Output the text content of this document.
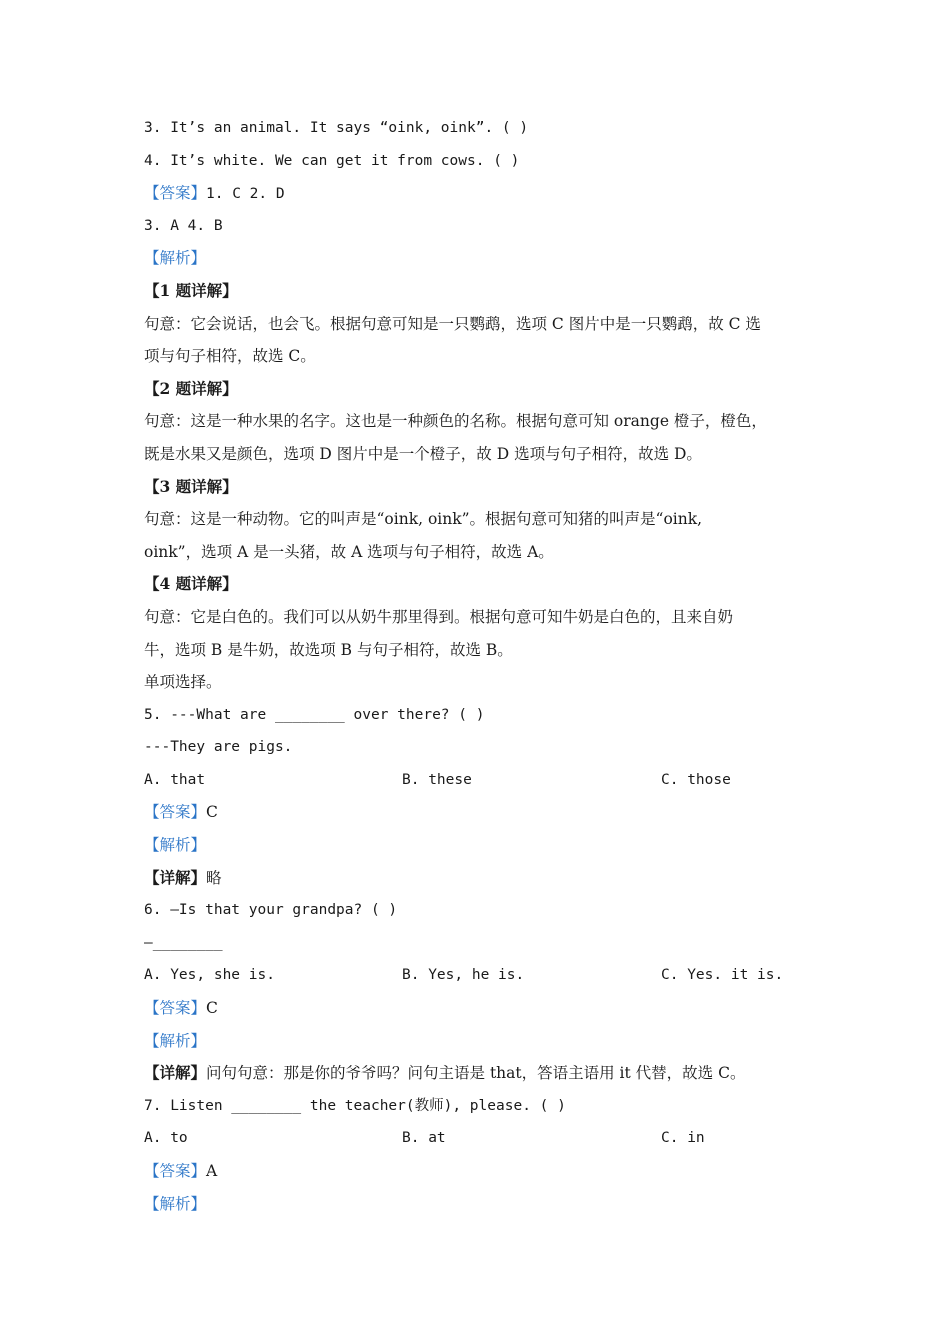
3. It’s an animal. It says “oink, oink”. ( )
4. It’s white. We can get it from cows. ( )
【答案】1. C 2. D
3. A 4. B
【解析】
【1 题详解】
句意：它会说话，也会飞。根据句意可知是一只鹦鹉，选项 C 图片中是一只鹦鹉，故 C 选
项与句子相符，故选 C。
【2 题详解】
句意：这是一种水果的名字。这也是一种颜色的名称。根据句意可知 orange 橙子，橙色，
既是水果又是颜色，选项 D 图片中是一个橙子，故 D 选项与句子相符，故选 D。
【3 题详解】
句意：这是一种动物。它的叫声是“oink, oink”。根据句意可知猪的叫声是“oink,
oink”，选项 A 是一头猪，故 A 选项与句子相符，故选 A。
【4 题详解】
句意：它是白色的。我们可以从奶牛那里得到。根据句意可知牛奶是白色的，且来自奶
牛，选项 B 是牛奶，故选项 B 与句子相符，故选 B。
单项选择。
5. ---What are ________ over there? ( )
---They are pigs.
A. that	B. these	C. those
【答案】C
【解析】
【详解】略
6. —Is that your grandpa? ( )
—________
A. Yes, she is.	B. Yes, he is.	C. Yes. it is.
【答案】C
【解析】
【详解】问句句意：那是你的爷爷吗？问句主语是 that，答语主语用 it 代替，故选 C。
7. Listen ________ the teacher(教师), please. ( )
A. to	B. at	C. in
【答案】A
【解析】
